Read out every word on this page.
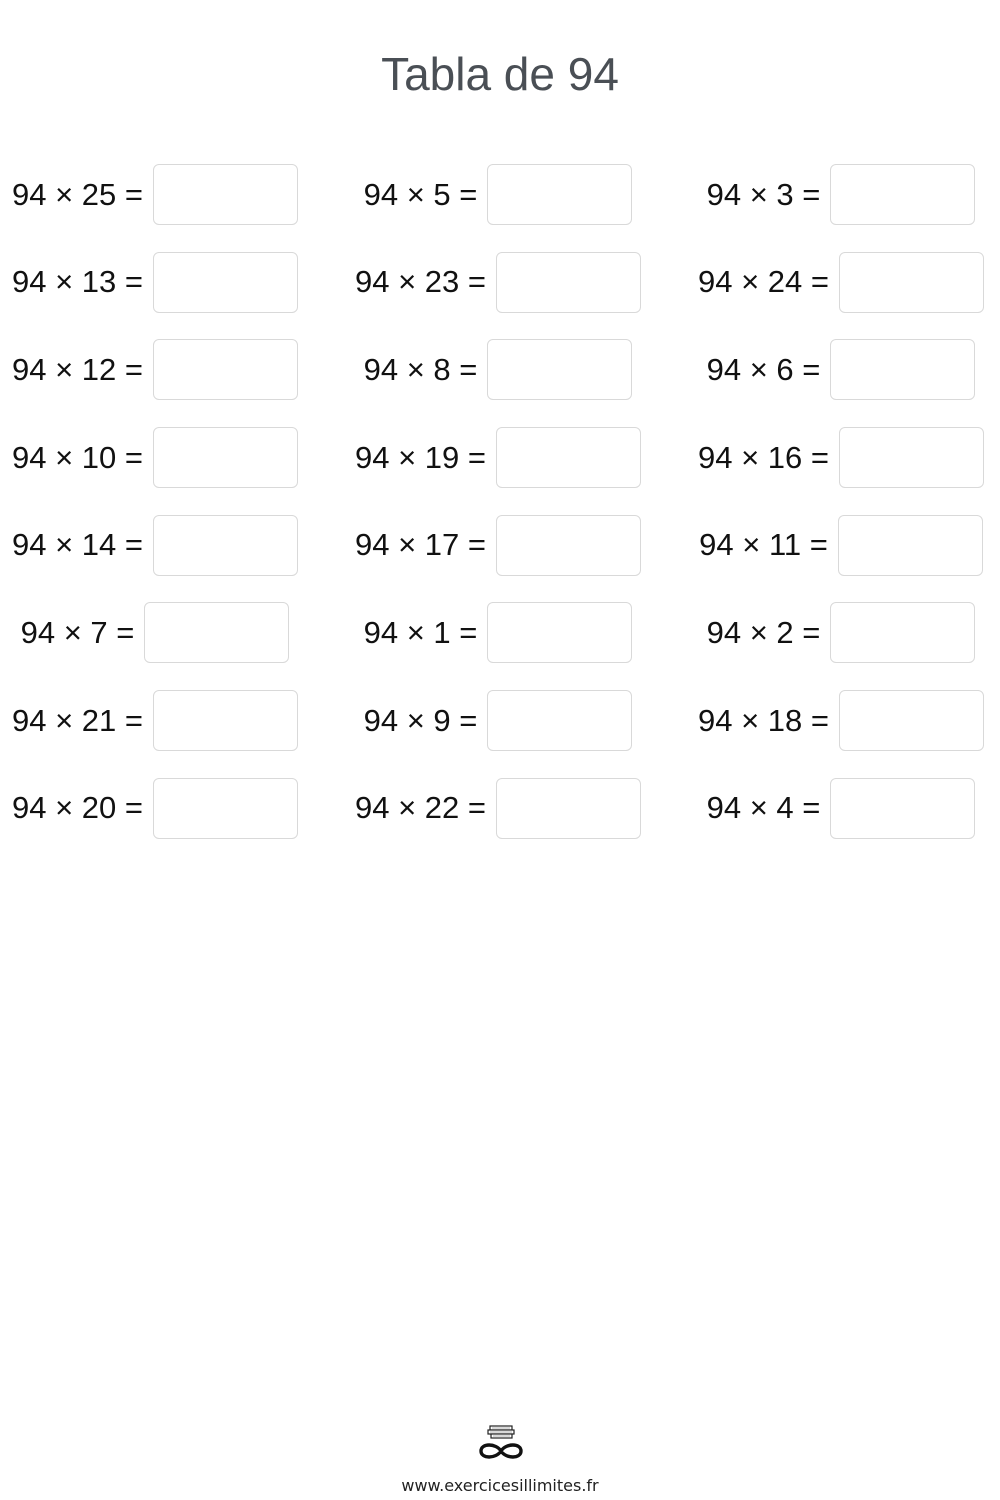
Tabla de 94
94 × 25 =	94 × 5 =	94 × 3 =
94 × 13 =	94 × 23 =	94 × 24 =
94 × 12 =	94 × 8 =	94 × 6 =
94 × 10 =	94 × 19 =	94 × 16 =
94 × 14 =	94 × 17 =	94 × 11 =
94 × 7 =	94 × 1 =	94 × 2 =
94 × 21 =	94 × 9 =	94 × 18 =
94 × 20 =	94 × 22 =	94 × 4 =
www.exercicesillimites.fr
